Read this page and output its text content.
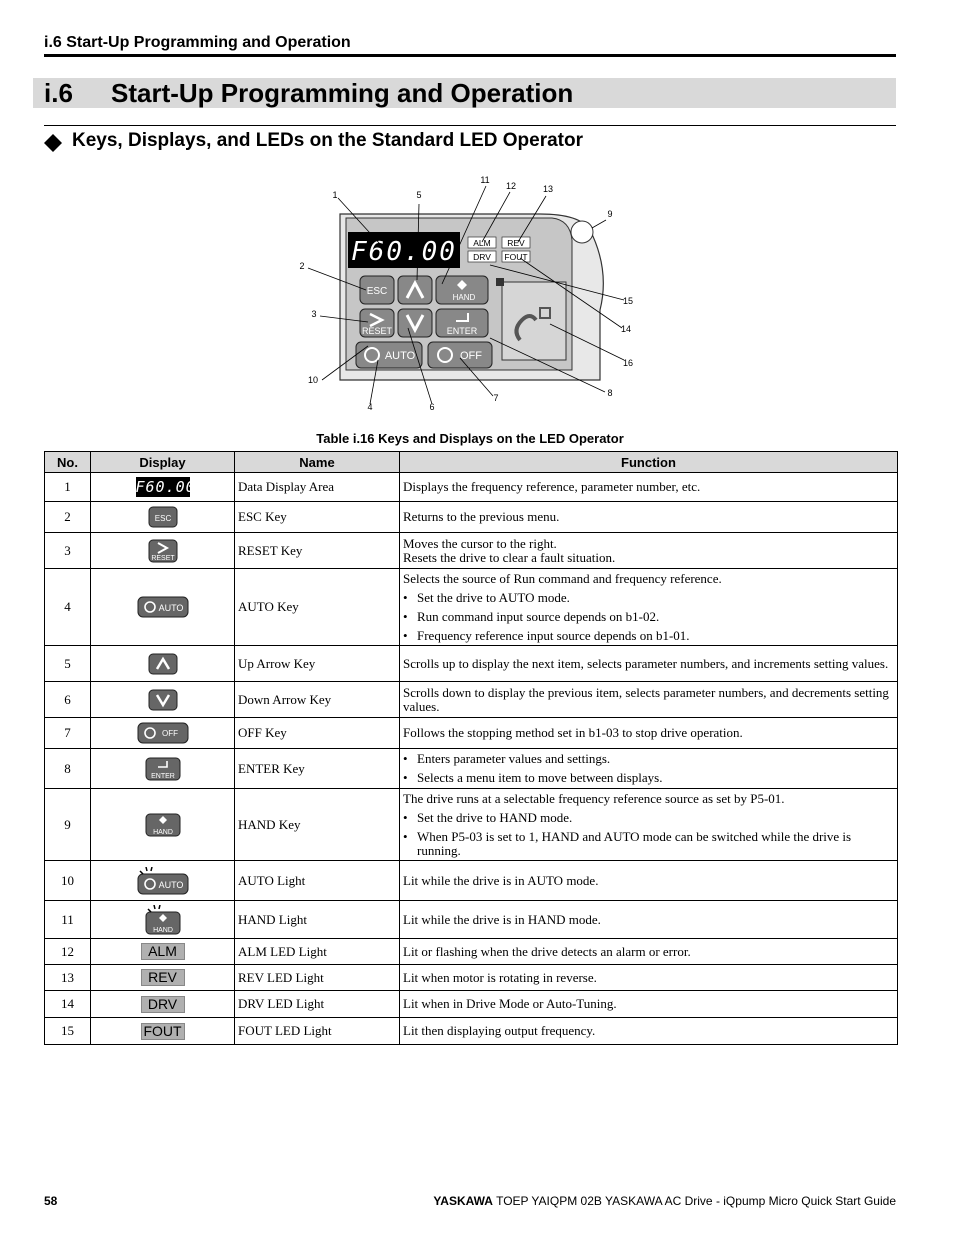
i.6 Start-Up Programming and Operation
i.6 Start-Up Programming and Operation
Keys, Displays, and LEDs on the Standard LED Operator
F60.00 ALM REV
DRV FOUT
ESC
HAND
RESET	ENTER
AUTO	OFF
1	5
11
12	13
9
2
3
15
14
16
8
7
6
4
10
Table i.16 Keys and Displays on the LED Operator
No.	Display	Name	Function
1	F60.00	Data Display Area	Displays the frequency reference, parameter number, etc.

2	ESC	ESC Key	Returns to the previous menu.

3	RESET	RESET Key	Moves the cursor to the right.
Resets the drive to clear a fault situation.

4	AUTO	AUTO Key	Selects the source of Run command and frequency reference.
• Set the drive to AUTO mode.
• Run command input source depends on b1-02.
• Frequency reference input source depends on b1-01.

5		Up Arrow Key	Scrolls up to display the next item, selects parameter numbers, and increments setting values.

6		Down Arrow Key	Scrolls down to display the previous item, selects parameter numbers, and decrements setting values.

7	OFF	OFF Key	Follows the stopping method set in b1-03 to stop drive operation.

8	ENTER	ENTER Key	• Enters parameter values and settings.
• Selects a menu item to move between displays.

9	HAND	HAND Key	The drive runs at a selectable frequency reference source as set by P5-01.
• Set the drive to HAND mode.
• When P5-03 is set to 1, HAND and AUTO mode can be switched while the drive is running.

10	AUTO	AUTO Light	Lit while the drive is in AUTO mode.

11	HAND	HAND Light	Lit while the drive is in HAND mode.

12	ALM	ALM LED Light	Lit or flashing when the drive detects an alarm or error.

13	REV	REV LED Light	Lit when motor is rotating in reverse.

14	DRV	DRV LED Light	Lit when in Drive Mode or Auto-Tuning.

15	FOUT	FOUT LED Light	Lit then displaying output frequency.
58	YASKAWA TOEP YAIQPM 02B YASKAWA AC Drive - iQpump Micro Quick Start Guide
